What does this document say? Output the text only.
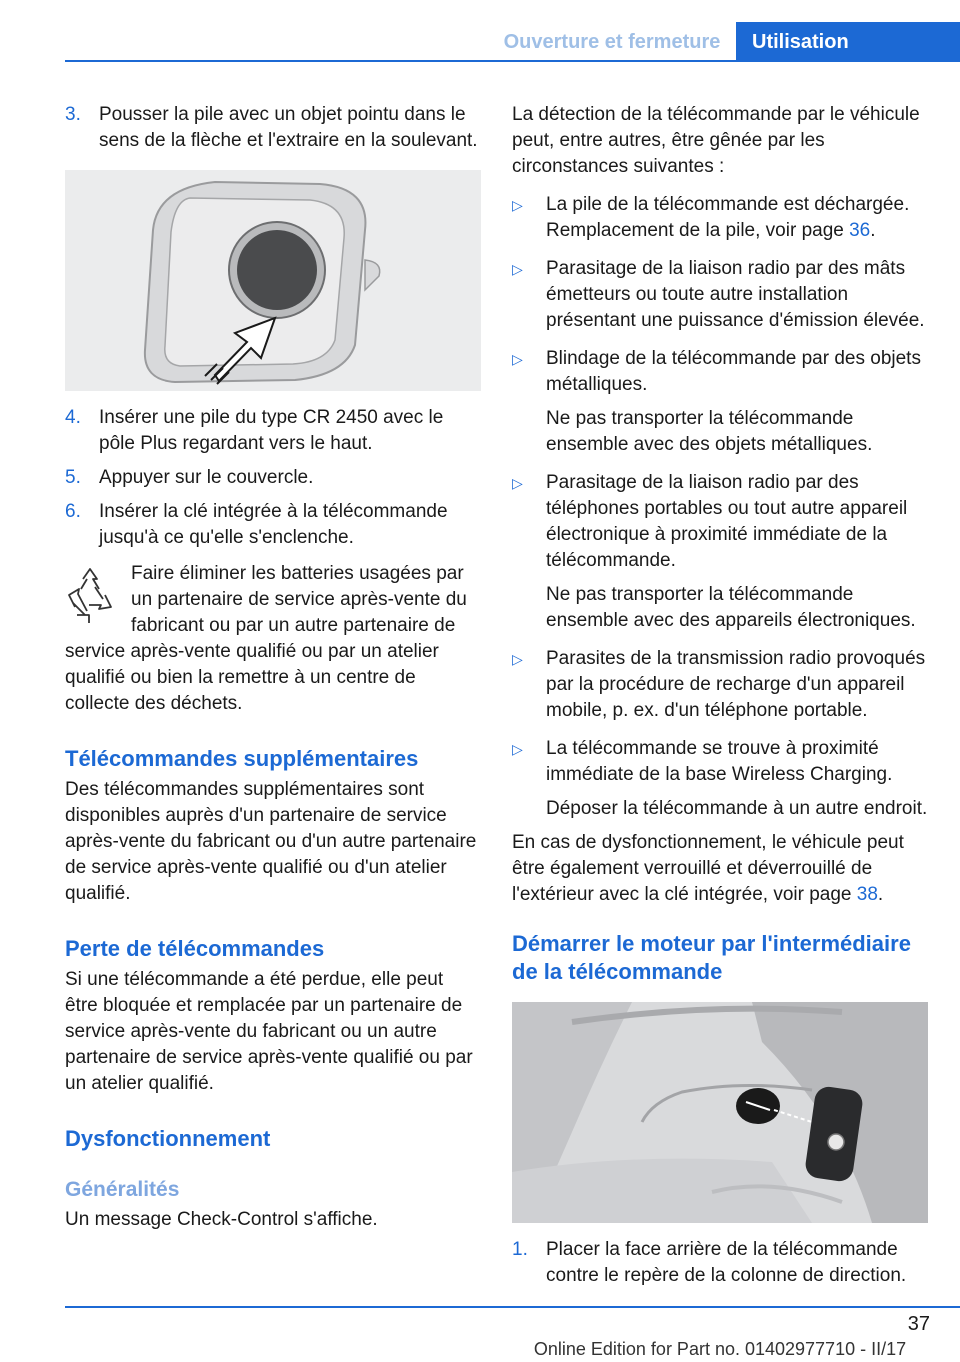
Ouverture et fermeture	Utilisation
3. Pousser la pile avec un objet pointu dans le sens de la flèche et l'extraire en la soulevant.
4. Insérer une pile du type CR 2450 avec le pôle Plus regardant vers le haut.
5. Appuyer sur le couvercle.
6. Insérer la clé intégrée à la télécommande jusqu'à ce qu'elle s'enclenche.

Faire éliminer les batteries usagées par un partenaire de service après-vente du fabricant ou par un autre partenaire de service après-vente qualifié ou par un atelier qualifié ou bien la remettre à un centre de collecte des déchets.

Télécommandes supplémentaires

Des télécommandes supplémentaires sont disponibles auprès d'un partenaire de service après-vente du fabricant ou d'un autre partenaire de service après-vente qualifié ou d'un atelier qualifié.

Perte de télécommandes

Si une télécommande a été perdue, elle peut être bloquée et remplacée par un partenaire de service après-vente du fabricant ou un autre partenaire de service après-vente qualifié ou par un atelier qualifié.

Dysfonctionnement
Généralités

Un message Check-Control s'affiche.

La détection de la télécommande par le véhicule peut, entre autres, être gênée par les circonstances suivantes :

▷ La pile de la télécommande est déchargée. Remplacement de la pile, voir page 36.
▷ Parasitage de la liaison radio par des mâts émetteurs ou toute autre installation présentant une puissance d'émission élevée.
▷ Blindage de la télécommande par des objets métalliques.

Ne pas transporter la télécommande ensemble avec des objets métalliques.

▷ Parasitage de la liaison radio par des téléphones portables ou tout autre appareil électronique à proximité immédiate de la télécommande.

Ne pas transporter la télécommande ensemble avec des appareils électroniques.

▷ Parasites de la transmission radio provoqués par la procédure de recharge d'un appareil mobile, p. ex. d'un téléphone portable.
▷ La télécommande se trouve à proximité immédiate de la base Wireless Charging.

Déposer la télécommande à un autre endroit.

En cas de dysfonctionnement, le véhicule peut être également verrouillé et déverrouillé de l'extérieur avec la clé intégrée, voir page 38.

Démarrer le moteur par l'intermédiaire de la télécommande
1. Placer la face arrière de la télécommande contre le repère de la colonne de direction.
37
Online Edition for Part no. 01402977710 - II/17
